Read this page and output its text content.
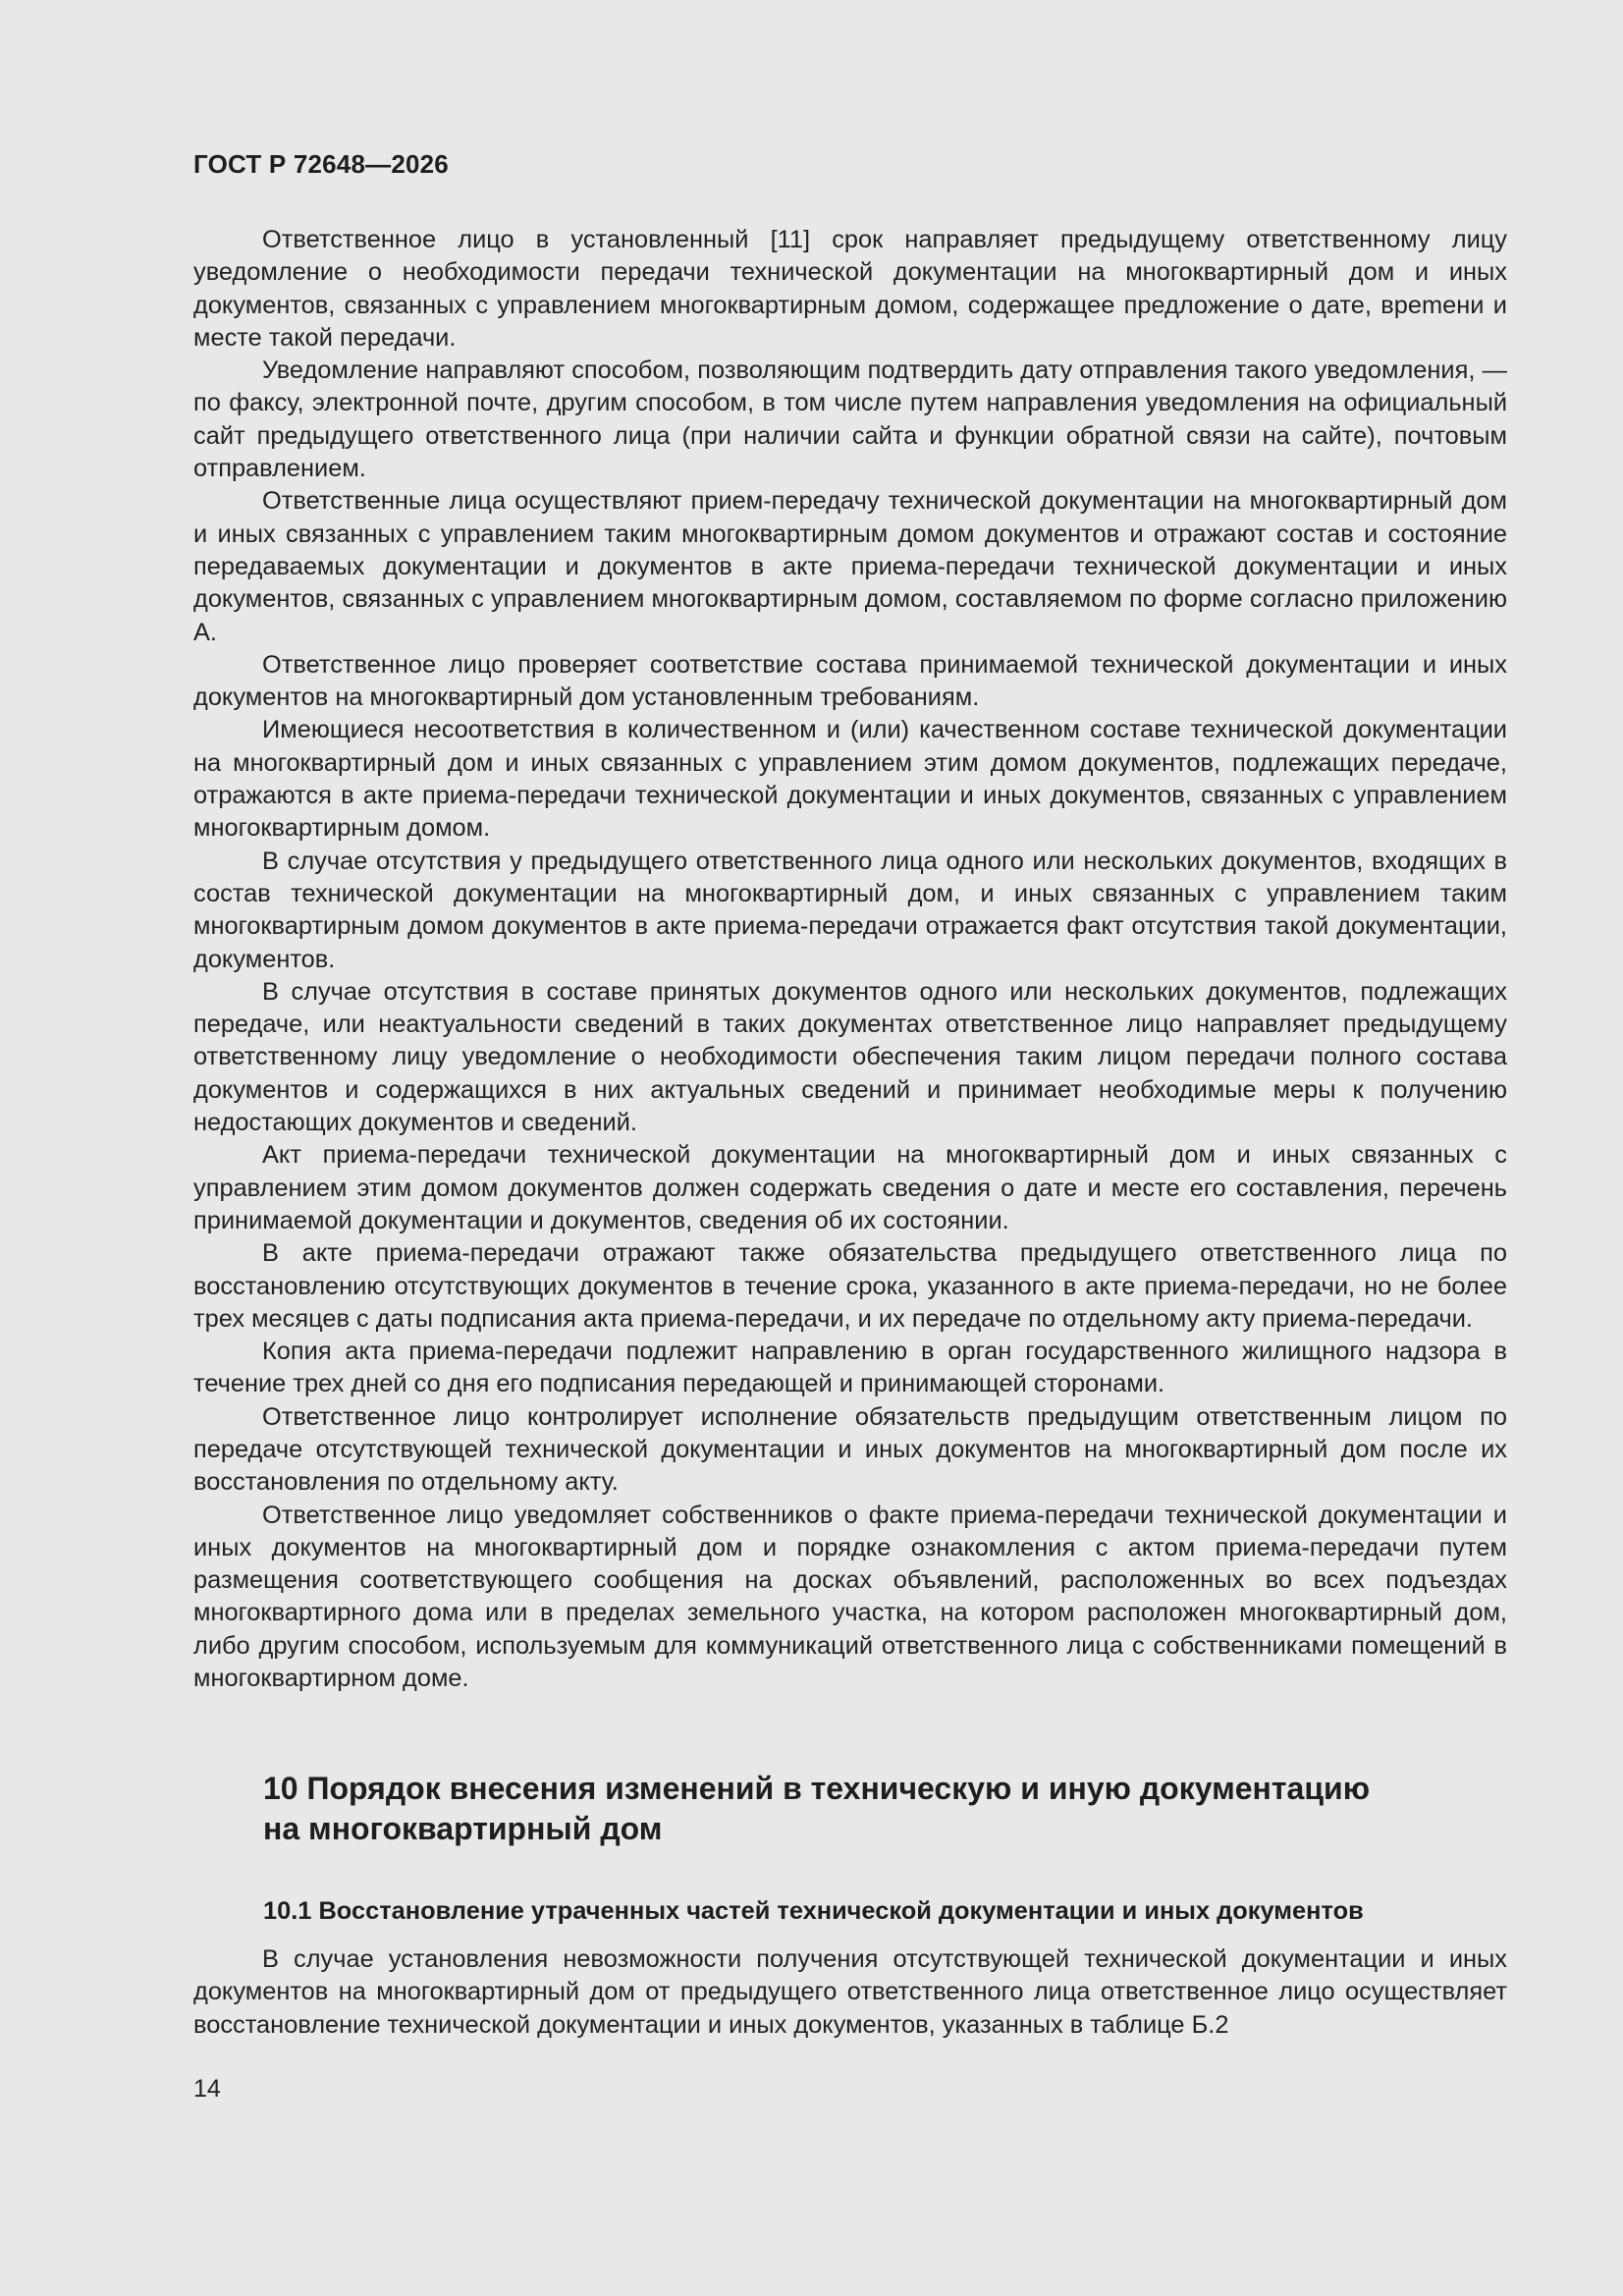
ГОСТ Р 72648—2026

Ответственное лицо в установленный [11] срок направляет предыдущему ответственному лицу уведомление о необходимости передачи технической документации на многоквартирный дом и иных документов, связанных с управлением многоквартирным домом, содержащее предложение о дате, вреmени и месте такой передачи.

Уведомление направляют способом, позволяющим подтвердить дату отправления такого уведомления, — по факсу, электронной почте, другим способом, в том числе путем направления уведомления на официальный сайт предыдущего ответственного лица (при наличии сайта и функции обратной связи на сайте), почтовым отправлением.

Ответственные лица осуществляют прием-передачу технической документации на многоквартирный дом и иных связанных с управлением таким многоквартирным домом документов и отражают состав и состояние передаваемых документации и документов в акте приема-передачи технической документации и иных документов, связанных с управлением многоквартирным домом, составляемом по форме согласно приложению А.

Ответственное лицо проверяет соответствие состава принимаемой технической документации и иных документов на многоквартирный дом установленным требованиям.

Имеющиеся несоответствия в количественном и (или) качественном составе технической документации на многоквартирный дом и иных связанных с управлением этим домом документов, подлежащих передаче, отражаются в акте приема-передачи технической документации и иных документов, связанных с управлением многоквартирным домом.

В случае отсутствия у предыдущего ответственного лица одного или нескольких документов, входящих в состав технической документации на многоквартирный дом, и иных связанных с управлением таким многоквартирным домом документов в акте приема-передачи отражается факт отсутствия такой документации, документов.

В случае отсутствия в составе принятых документов одного или нескольких документов, подлежащих передаче, или неактуальности сведений в таких документах ответственное лицо направляет предыдущему ответственному лицу уведомление о необходимости обеспечения таким лицом передачи полного состава документов и содержащихся в них актуальных сведений и принимает необходимые меры к получению недостающих документов и сведений.

Акт приема-передачи технической документации на многоквартирный дом и иных связанных с управлением этим домом документов должен содержать сведения о дате и месте его составления, перечень принимаемой документации и документов, сведения об их состоянии.

В акте приема-передачи отражают также обязательства предыдущего ответственного лица по восстановлению отсутствующих документов в течение срока, указанного в акте приема-передачи, но не более трех месяцев с даты подписания акта приема-передачи, и их передаче по отдельному акту приема-передачи.

Копия акта приема-передачи подлежит направлению в орган государственного жилищного надзора в течение трех дней со дня его подписания передающей и принимающей сторонами.

Ответственное лицо контролирует исполнение обязательств предыдущим ответственным лицом по передаче отсутствующей технической документации и иных документов на многоквартирный дом после их восстановления по отдельному акту.

Ответственное лицо уведомляет собственников о факте приема-передачи технической документации и иных документов на многоквартирный дом и порядке ознакомления с актом приема-передачи путем размещения соответствующего сообщения на досках объявлений, расположенных во всех подъездах многоквартирного дома или в пределах земельного участка, на котором расположен многоквартирный дом, либо другим способом, используемым для коммуникаций ответственного лица с собственниками помещений в многоквартирном доме.

10 Порядок внесения изменений в техническую и иную документацию
на многоквартирный дом
10.1 Восстановление утраченных частей технической документации и иных документов

В случае установления невозможности получения отсутствующей технической документации и иных документов на многоквартирный дом от предыдущего ответственного лица ответственное лицо осуществляет восстановление технической документации и иных документов, указанных в таблице Б.2

14
